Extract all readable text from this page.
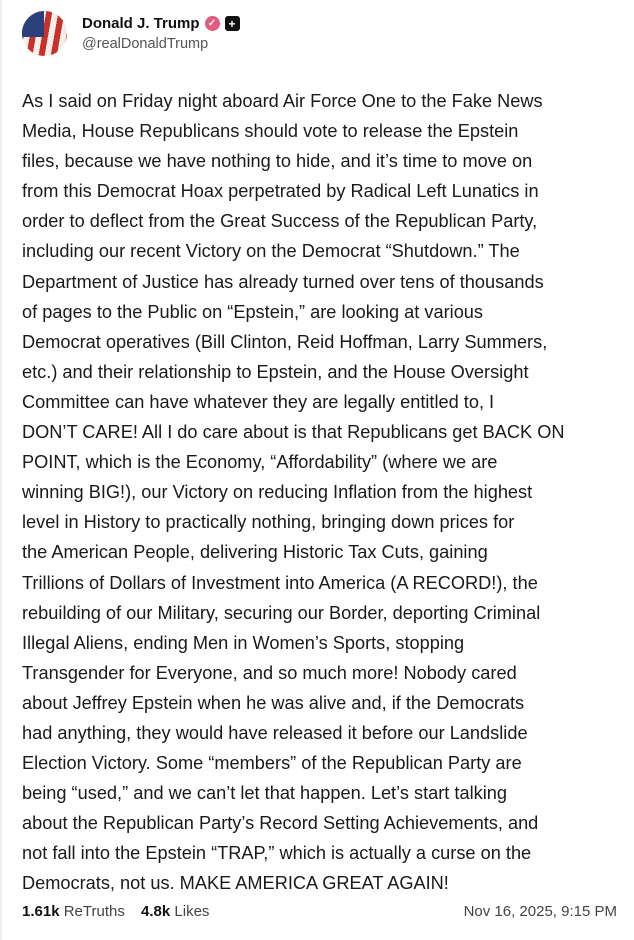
Donald J. Trump ✓	+
@realDonaldTrump
As I said on Friday night aboard Air Force One to the Fake News
Media, House Republicans should vote to release the Epstein
files, because we have nothing to hide, and it’s time to move on
from this Democrat Hoax perpetrated by Radical Left Lunatics in
order to deflect from the Great Success of the Republican Party,
including our recent Victory on the Democrat “Shutdown.” The
Department of Justice has already turned over tens of thousands
of pages to the Public on “Epstein,” are looking at various
Democrat operatives (Bill Clinton, Reid Hoffman, Larry Summers,
etc.) and their relationship to Epstein, and the House Oversight
Committee can have whatever they are legally entitled to, I
DON’T CARE! All I do care about is that Republicans get BACK ON
POINT, which is the Economy, “Affordability” (where we are
winning BIG!), our Victory on reducing Inflation from the highest
level in History to practically nothing, bringing down prices for
the American People, delivering Historic Tax Cuts, gaining
Trillions of Dollars of Investment into America (A RECORD!), the
rebuilding of our Military, securing our Border, deporting Criminal
Illegal Aliens, ending Men in Women’s Sports, stopping
Transgender for Everyone, and so much more! Nobody cared
about Jeffrey Epstein when he was alive and, if the Democrats
had anything, they would have released it before our Landslide
Election Victory. Some “members” of the Republican Party are
being “used,” and we can’t let that happen. Let’s start talking
about the Republican Party’s Record Setting Achievements, and
not fall into the Epstein “TRAP,” which is actually a curse on the
Democrats, not us. MAKE AMERICA GREAT AGAIN!
1.61k ReTruths 4.8k Likes	Nov 16, 2025, 9:15 PM
